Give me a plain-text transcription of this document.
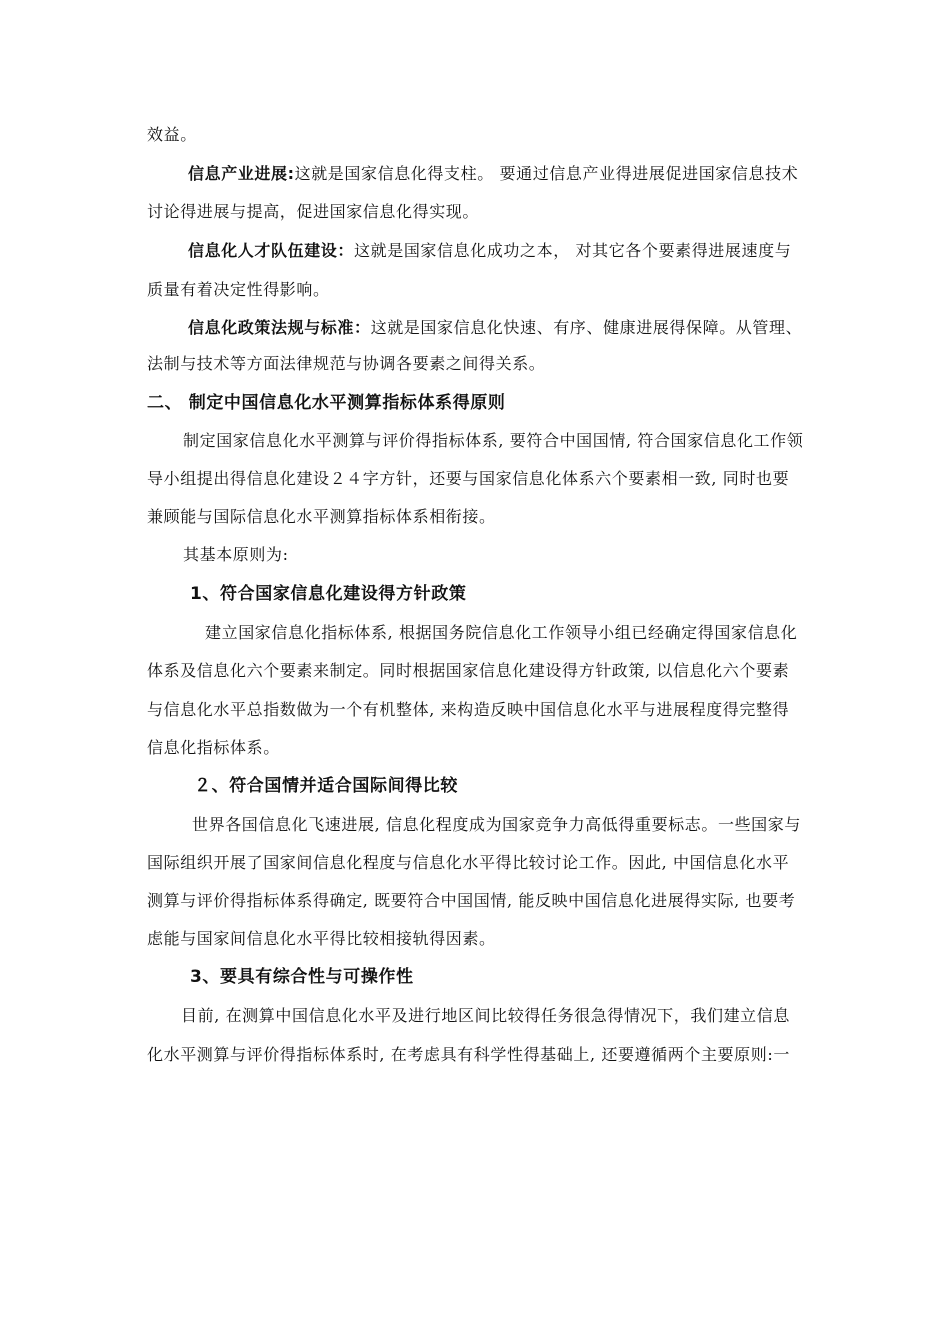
效益。
信息产业进展:这就是国家信息化得支柱。 要通过信息产业得进展促进国家信息技术
讨论得进展与提高，促进国家信息化得实现。
信息化人才队伍建设：这就是国家信息化成功之本， 对其它各个要素得进展速度与
质量有着决定性得影响。
信息化政策法规与标准：这就是国家信息化快速、有序、健康进展得保障。从管理、
法制与技术等方面法律规范与协调各要素之间得关系。
二、 制定中国信息化水平测算指标体系得原则
制定国家信息化水平测算与评价得指标体系, 要符合中国国情, 符合国家信息化工作领
导小组提出得信息化建设２４字方针，还要与国家信息化体系六个要素相一致, 同时也要
兼顾能与国际信息化水平测算指标体系相衔接。
其基本原则为:
1、符合国家信息化建设得方针政策
建立国家信息化指标体系, 根据国务院信息化工作领导小组已经确定得国家信息化
体系及信息化六个要素来制定。同时根据国家信息化建设得方针政策, 以信息化六个要素
与信息化水平总指数做为一个有机整体, 来构造反映中国信息化水平与进展程度得完整得
信息化指标体系。
２、符合国情并适合国际间得比较
世界各国信息化飞速进展, 信息化程度成为国家竞争力高低得重要标志。一些国家与
国际组织开展了国家间信息化程度与信息化水平得比较讨论工作。因此, 中国信息化水平
测算与评价得指标体系得确定, 既要符合中国国情, 能反映中国信息化进展得实际, 也要考
虑能与国家间信息化水平得比较相接轨得因素。
3、要具有综合性与可操作性
目前, 在测算中国信息化水平及进行地区间比较得任务很急得情况下，我们建立信息
化水平测算与评价得指标体系时, 在考虑具有科学性得基础上, 还要遵循两个主要原则:一
